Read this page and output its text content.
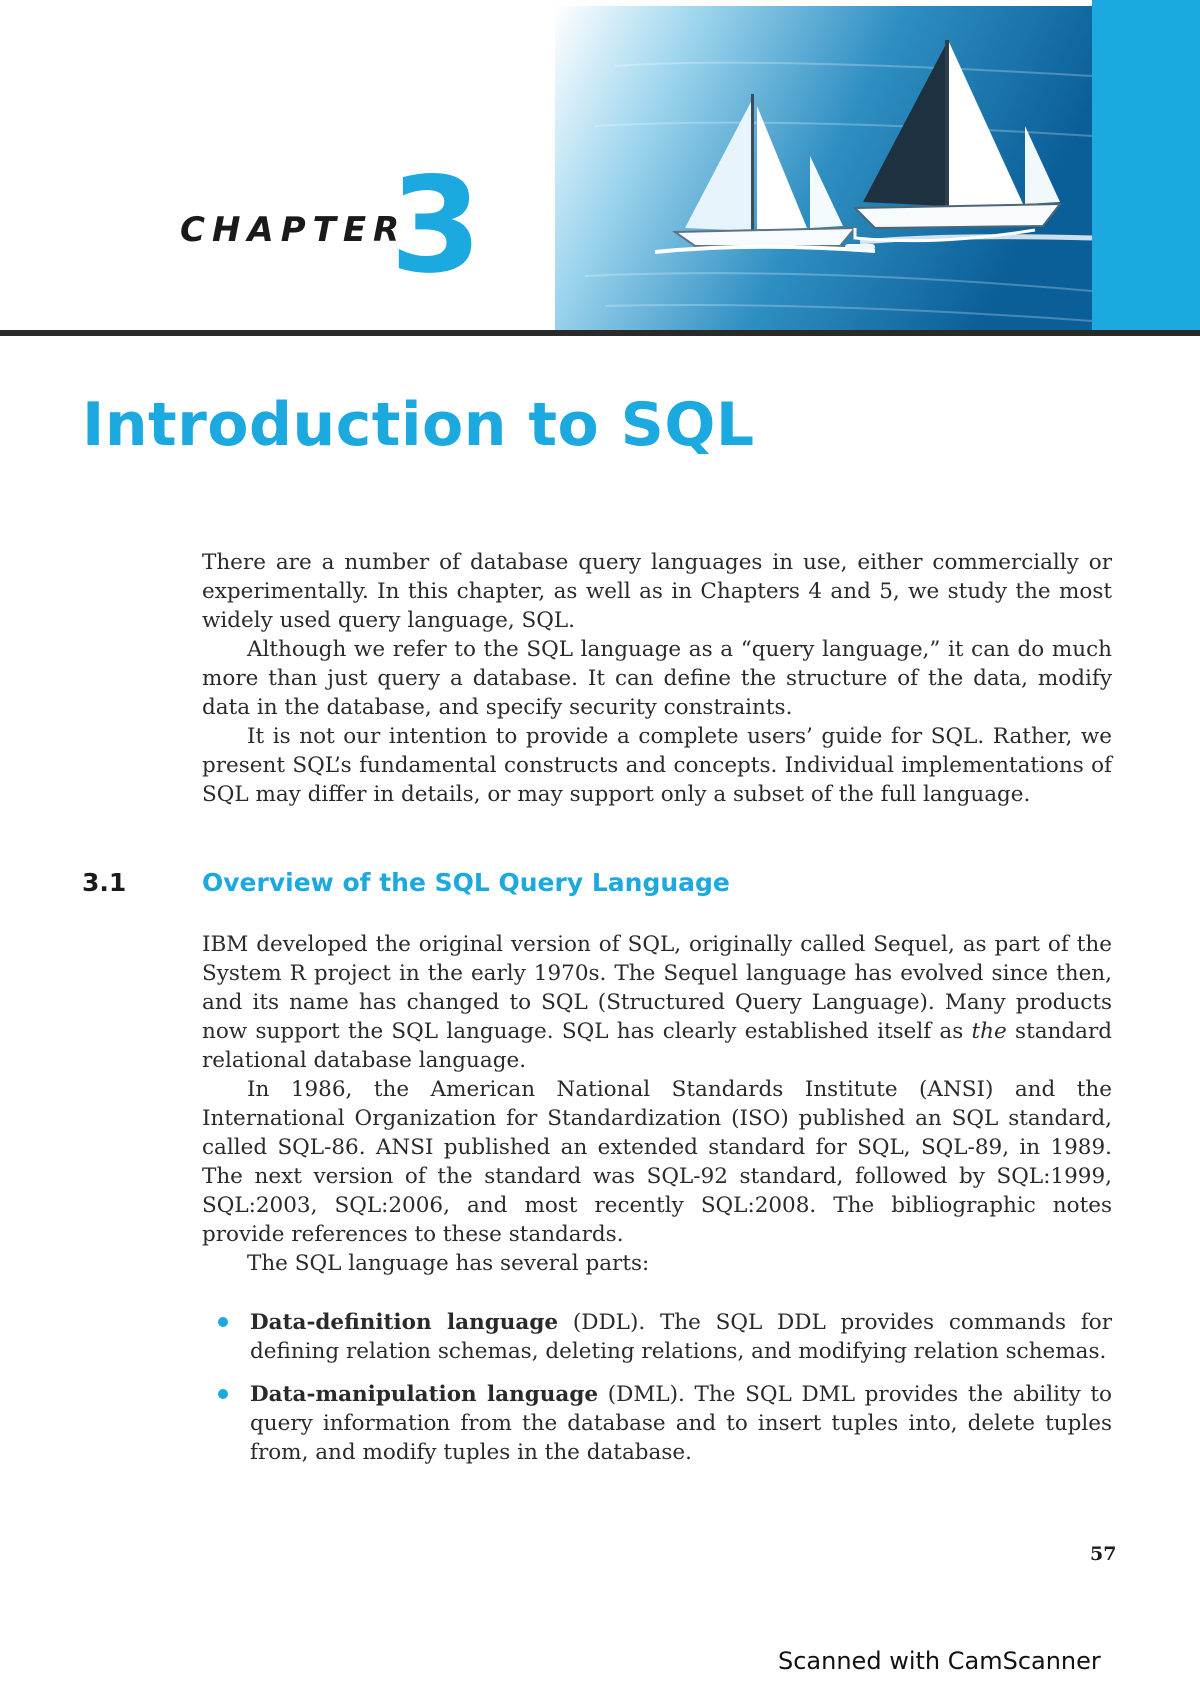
CHAPTER
3
Introduction to SQL

There are a number of database query languages in use, either commercially or experimentally. In this chapter, as well as in Chapters 4 and 5, we study the most widely used query language, SQL.

Although we refer to the SQL language as a “query language,” it can do much more than just query a database. It can define the structure of the data, modify data in the database, and specify security constraints.

It is not our intention to provide a complete users’ guide for SQL. Rather, we present SQL’s fundamental constructs and concepts. Individual implementations of SQL may differ in details, or may support only a subset of the full language.

3.1	Overview of the SQL Query Language

IBM developed the original version of SQL, originally called Sequel, as part of the System R project in the early 1970s. The Sequel language has evolved since then, and its name has changed to SQL (Structured Query Language). Many products now support the SQL language. SQL has clearly established itself as the standard relational database language.

In 1986, the American National Standards Institute (ANSI) and the International Organization for Standardization (ISO) published an SQL standard, called SQL-86. ANSI published an extended standard for SQL, SQL-89, in 1989. The next version of the standard was SQL-92 standard, followed by SQL:1999, SQL:2003, SQL:2006, and most recently SQL:2008. The bibliographic notes provide references to these standards.

The SQL language has several parts:

Data-definition language (DDL). The SQL DDL provides commands for defining relation schemas, deleting relations, and modifying relation schemas.
Data-manipulation language (DML). The SQL DML provides the ability to query information from the database and to insert tuples into, delete tuples from, and modify tuples in the database.
57
Scanned with CamScanner
